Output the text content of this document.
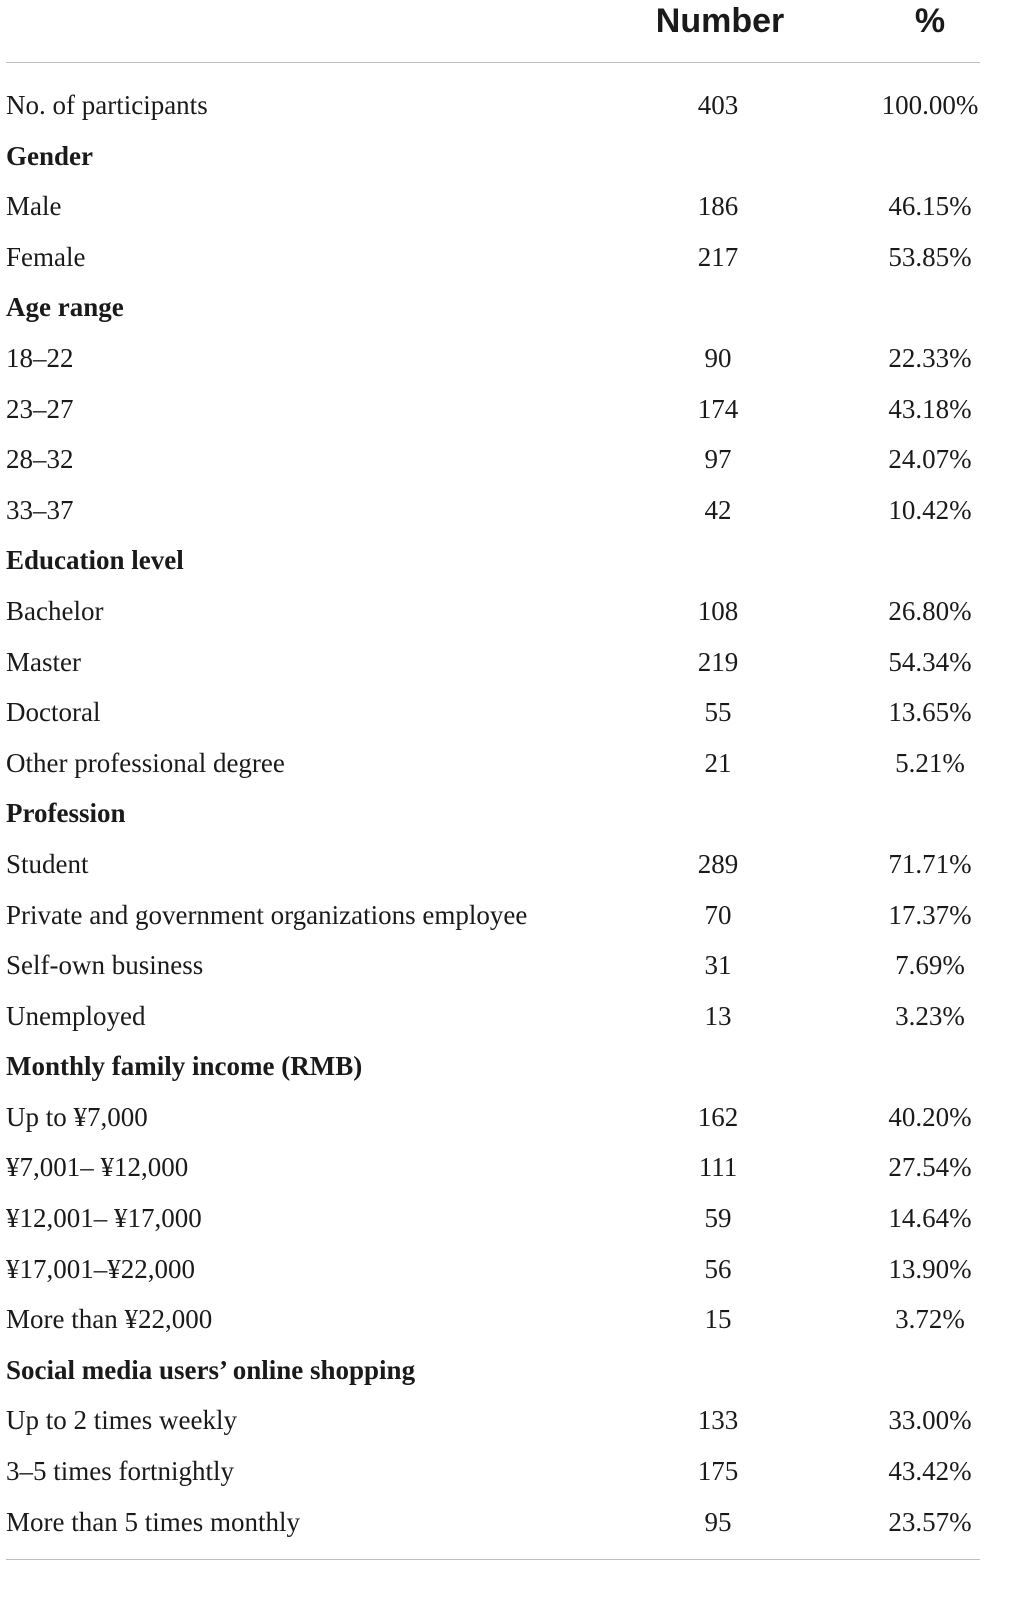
Number	%
No. of participants	403	100.00%
Gender
Male	186	46.15%
Female	217	53.85%
Age range
18–22	90	22.33%
23–27	174	43.18%
28–32	97	24.07%
33–37	42	10.42%
Education level
Bachelor	108	26.80%
Master	219	54.34%
Doctoral	55	13.65%
Other professional degree	21	5.21%
Profession
Student	289	71.71%
Private and government organizations employee	70	17.37%
Self-own business	31	7.69%
Unemployed	13	3.23%
Monthly family income (RMB)
Up to ¥7,000	162	40.20%
¥7,001– ¥12,000	111	27.54%
¥12,001– ¥17,000	59	14.64%
¥17,001–¥22,000	56	13.90%
More than ¥22,000	15	3.72%
Social media users’ online shopping
Up to 2 times weekly	133	33.00%
3–5 times fortnightly	175	43.42%
More than 5 times monthly	95	23.57%
